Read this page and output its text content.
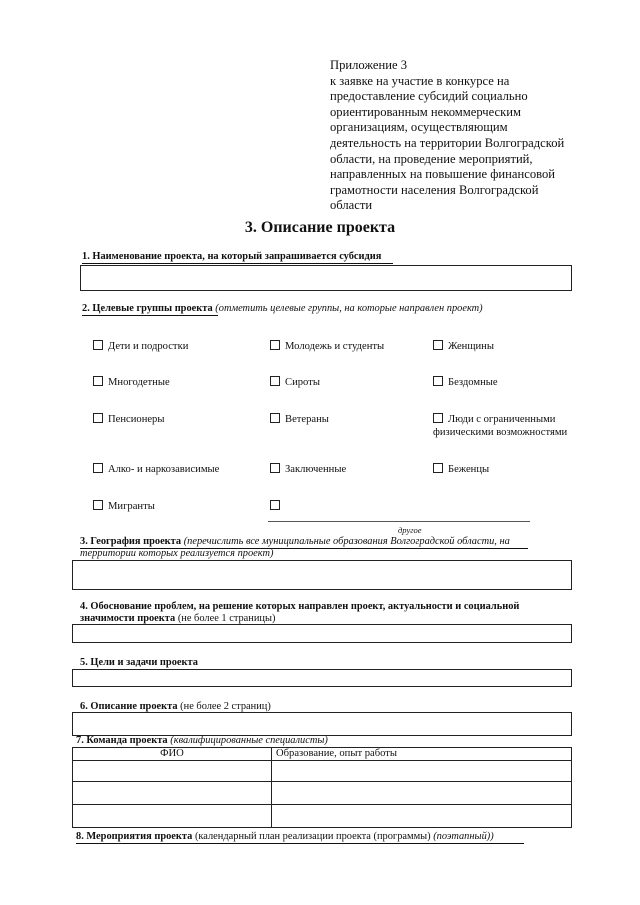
Приложение 3
к заявке на участие в конкурсе на
предоставление субсидий социально
ориентированным некоммерческим
организациям, осуществляющим
деятельность на территории Волгоградской
области, на проведение мероприятий,
направленных на повышение финансовой
грамотности населения Волгоградской
области
3. Описание проекта
1. Наименование проекта, на который запрашивается субсидия
2. Целевые группы проекта (отметить целевые группы, на которые направлен проект)
Дети и подростки	Молодежь и студенты	Женщины
Многодетные	Сироты	Бездомные
Пенсионеры	Ветераны	Люди с ограниченными физическими возможностями
Алко- и наркозависимые	Заключенные	Беженцы
Мигранты
другое
3. География проекта (перечислить все муниципальные образования Волгоградской области, на
территории которых реализуется проект)
4. Обоснование проблем, на решение которых направлен проект, актуальности и социальной
значимости проекта (не более 1 страницы)
5. Цели и задачи проекта
6. Описание проекта (не более 2 страниц)
7. Команда проекта (квалифицированные специалисты)
ФИО	Образование, опыт работы

8. Мероприятия проекта (календарный план реализации проекта (программы) (поэтапный))
